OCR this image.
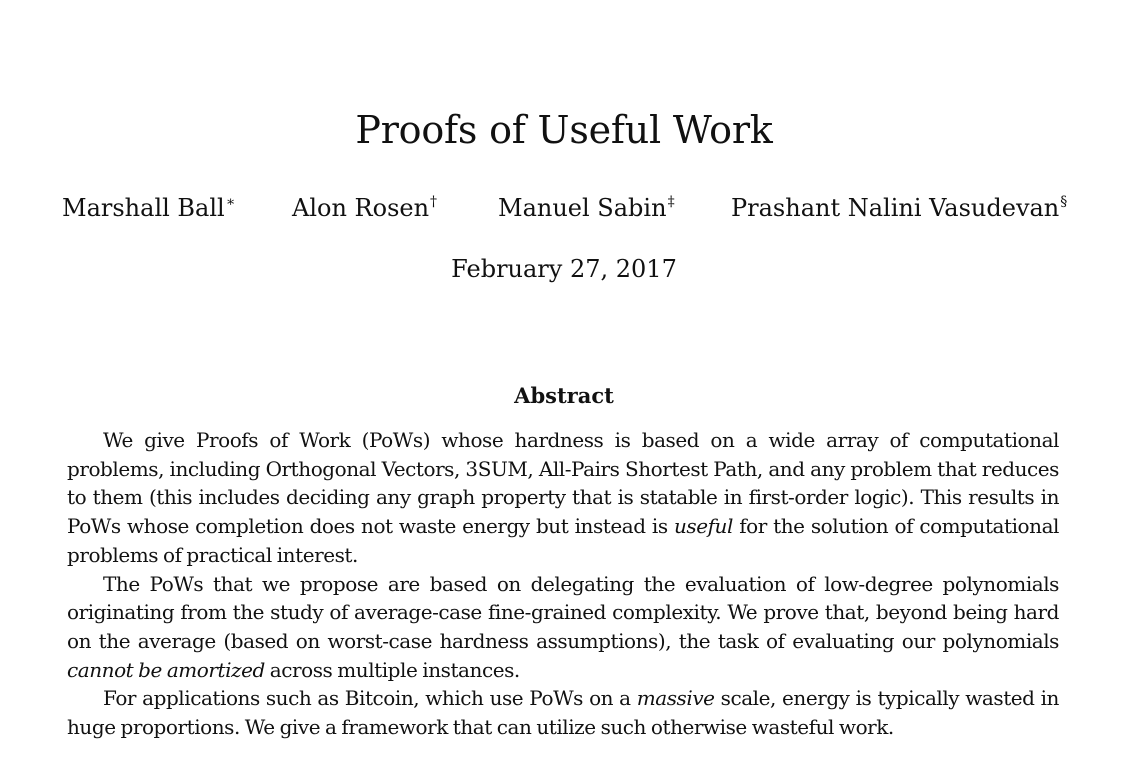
Proofs of Useful Work
Marshall Ball∗ Alon Rosen†	Manuel Sabin‡ Prashant Nalini Vasudevan§
February 27, 2017
Abstract

We give Proofs of Work (PoWs) whose hardness is based on a wide array of computational problems, including Orthogonal Vectors, 3SUM, All-Pairs Shortest Path, and any problem that reduces to them (this includes deciding any graph property that is statable in first-order logic). This results in PoWs whose completion does not waste energy but instead is useful for the solution of computational problems of practical interest.

The PoWs that we propose are based on delegating the evaluation of low-degree polynomials originating from the study of average-case fine-grained complexity. We prove that, beyond being hard on the average (based on worst-case hardness assumptions), the task of evaluating our polynomials cannot be amortized across multiple instances.

For applications such as Bitcoin, which use PoWs on a massive scale, energy is typically wasted in huge proportions. We give a framework that can utilize such otherwise wasteful work.
